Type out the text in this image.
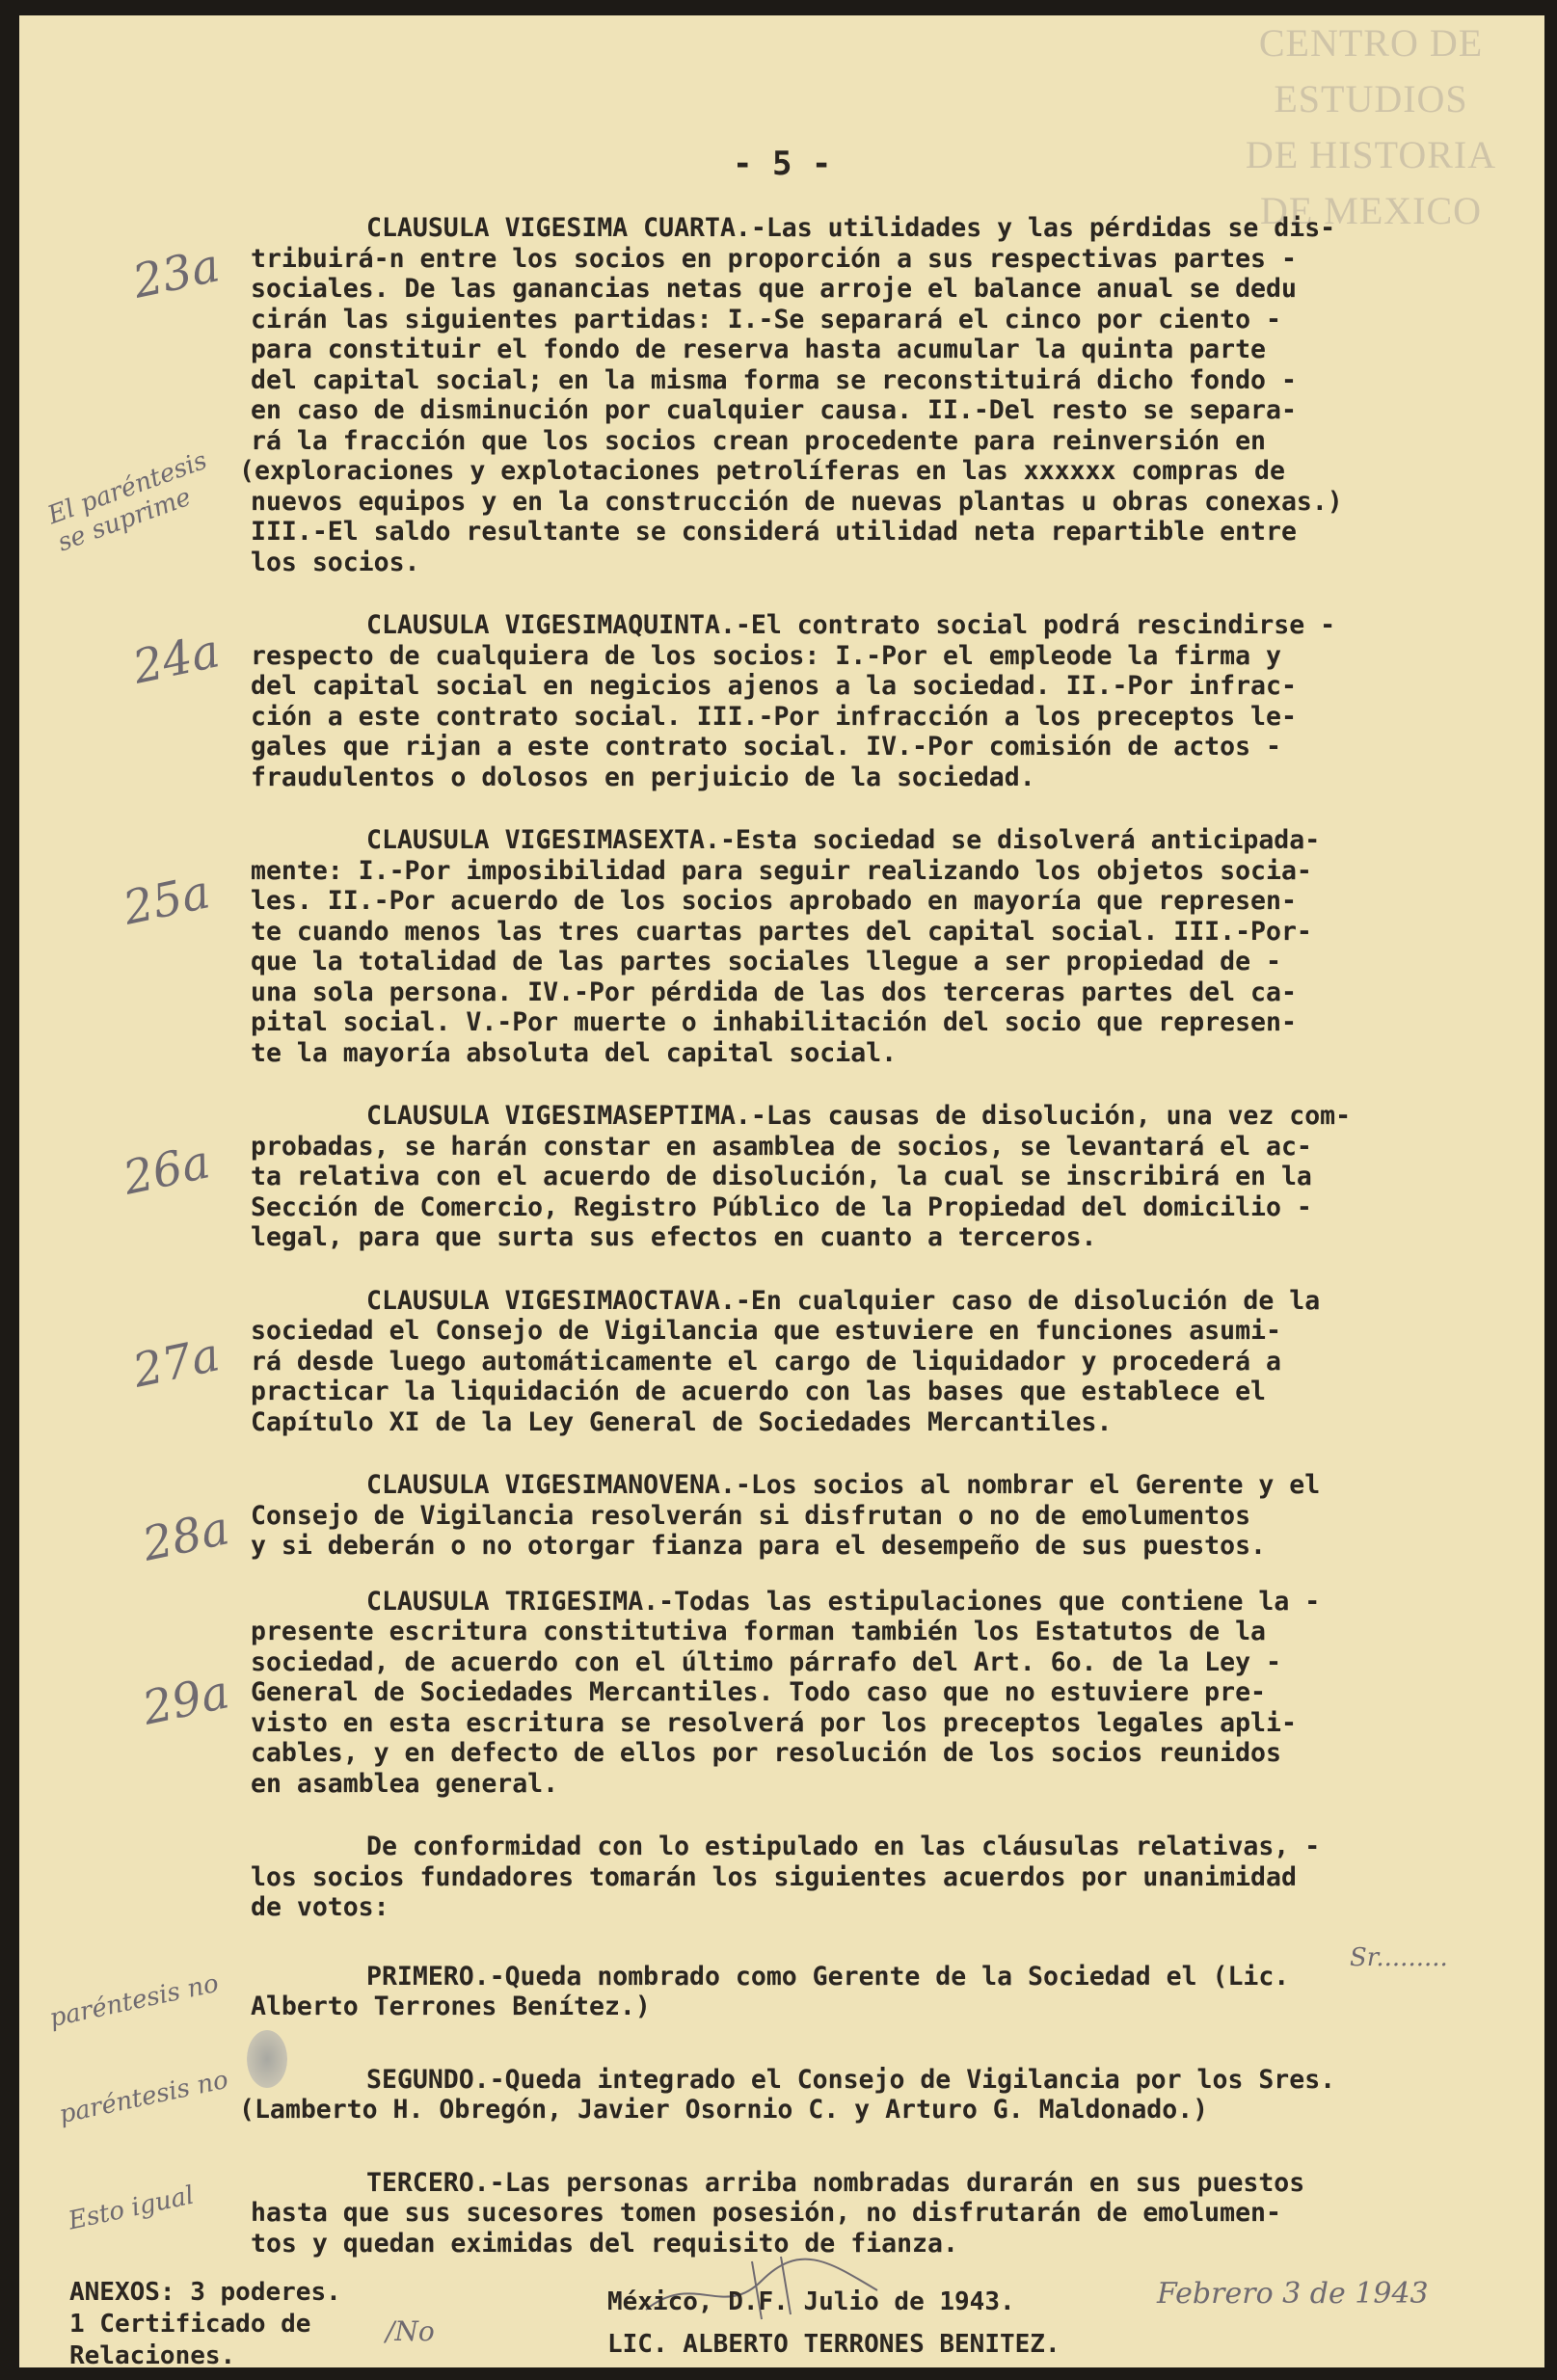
CENTRO DE
ESTUDIOS
DE HISTORIA
DE MEXICO
- 5 -
23a
24a
25a
26a
27a
28a
29a
El paréntesis se suprime
paréntesis no
paréntesis no
Esto igual
Sr.........
CLAUSULA VIGESIMA CUARTA.-Las utilidades y las pérdidas se dis-
tribuirá-n entre los socios en proporción a sus respectivas partes -
sociales. De las ganancias netas que arroje el balance anual se dedu
cirán las siguientes partidas: I.-Se separará el cinco por ciento -
para constituir el fondo de reserva hasta acumular la quinta parte
del capital social; en la misma forma se reconstituirá dicho fondo -
en caso de disminución por cualquier causa. II.-Del resto se separa-
rá la fracción que los socios crean procedente para reinversión en
(exploraciones y explotaciones petrolíferas en las xxxxxx compras de
nuevos equipos y en la construcción de nuevas plantas u obras conexas.)
III.-El saldo resultante se considerá utilidad neta repartible entre
los socios.
CLAUSULA VIGESIMAQUINTA.-El contrato social podrá rescindirse -
respecto de cualquiera de los socios: I.-Por el empleode la firma y
del capital social en negicios ajenos a la sociedad. II.-Por infrac-
ción a este contrato social. III.-Por infracción a los preceptos le-
gales que rijan a este contrato social. IV.-Por comisión de actos -
fraudulentos o dolosos en perjuicio de la sociedad.
CLAUSULA VIGESIMASEXTA.-Esta sociedad se disolverá anticipada-
mente: I.-Por imposibilidad para seguir realizando los objetos socia-
les. II.-Por acuerdo de los socios aprobado en mayoría que represen-
te cuando menos las tres cuartas partes del capital social. III.-Por-
que la totalidad de las partes sociales llegue a ser propiedad de -
una sola persona. IV.-Por pérdida de las dos terceras partes del ca-
pital social. V.-Por muerte o inhabilitación del socio que represen-
te la mayoría absoluta del capital social.
CLAUSULA VIGESIMASEPTIMA.-Las causas de disolución, una vez com-
probadas, se harán constar en asamblea de socios, se levantará el ac-
ta relativa con el acuerdo de disolución, la cual se inscribirá en la
Sección de Comercio, Registro Público de la Propiedad del domicilio -
legal, para que surta sus efectos en cuanto a terceros.
CLAUSULA VIGESIMAOCTAVA.-En cualquier caso de disolución de la
sociedad el Consejo de Vigilancia que estuviere en funciones asumi-
rá desde luego automáticamente el cargo de liquidador y procederá a
practicar la liquidación de acuerdo con las bases que establece el
Capítulo XI de la Ley General de Sociedades Mercantiles.
CLAUSULA VIGESIMANOVENA.-Los socios al nombrar el Gerente y el
Consejo de Vigilancia resolverán si disfrutan o no de emolumentos
y si deberán o no otorgar fianza para el desempeño de sus puestos.
CLAUSULA TRIGESIMA.-Todas las estipulaciones que contiene la -
presente escritura constitutiva forman también los Estatutos de la
sociedad, de acuerdo con el último párrafo del Art. 6o. de la Ley -
General de Sociedades Mercantiles. Todo caso que no estuviere pre-
visto en esta escritura se resolverá por los preceptos legales apli-
cables, y en defecto de ellos por resolución de los socios reunidos
en asamblea general.
De conformidad con lo estipulado en las cláusulas relativas, -
los socios fundadores tomarán los siguientes acuerdos por unanimidad
de votos:
PRIMERO.-Queda nombrado como Gerente de la Sociedad el (Lic.
Alberto Terrones Benítez.)
SEGUNDO.-Queda integrado el Consejo de Vigilancia por los Sres.
(Lamberto H. Obregón, Javier Osornio C. y Arturo G. Maldonado.)
TERCERO.-Las personas arriba nombradas durarán en sus puestos
hasta que sus sucesores tomen posesión, no disfrutarán de emolumen-
tos y quedan eximidas del requisito de fianza.
ANEXOS: 3 poderes.
1 Certificado de
Relaciones.
/No
México, D.F. Julio de 1943.
LIC. ALBERTO TERRONES BENITEZ.
Febrero 3 de 1943
